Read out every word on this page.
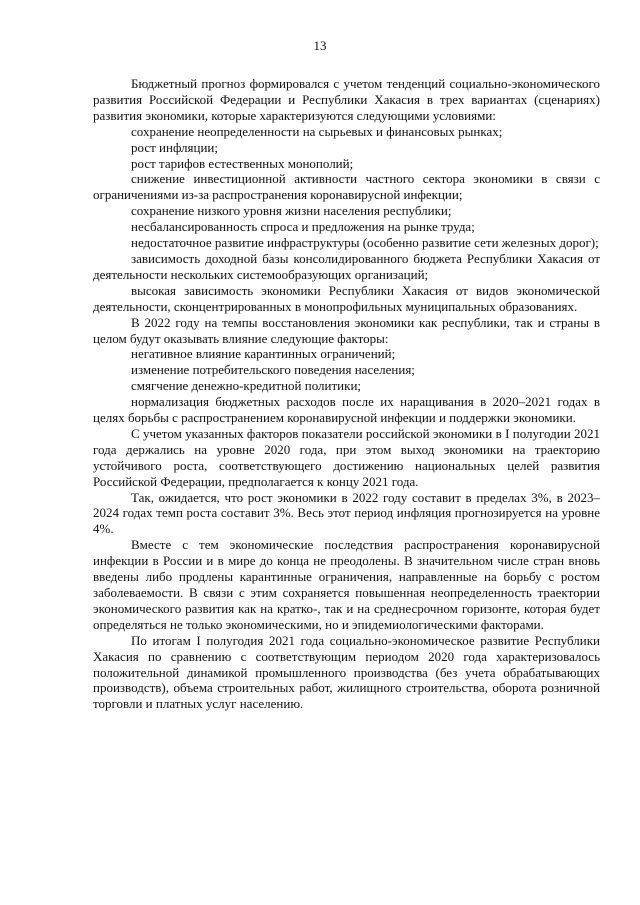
13

Бюджетный прогноз формировался с учетом тенденций социально-экономического развития Российской Федерации и Республики Хакасия в трех вариантах (сценариях) развития экономики, которые характеризуются следующими условиями:

сохранение неопределенности на сырьевых и финансовых рынках;

рост инфляции;

рост тарифов естественных монополий;

снижение инвестиционной активности частного сектора экономики в связи с ограничениями из-за распространения коронавирусной инфекции;

сохранение низкого уровня жизни населения республики;

несбалансированность спроса и предложения на рынке труда;

недостаточное развитие инфраструктуры (особенно развитие сети железных дорог);

зависимость доходной базы консолидированного бюджета Республики Хакасия от деятельности нескольких системообразующих организаций;

высокая зависимость экономики Республики Хакасия от видов экономической деятельности, сконцентрированных в монопрофильных муниципальных образованиях.

В 2022 году на темпы восстановления экономики как республики, так и страны в целом будут оказывать влияние следующие факторы:

негативное влияние карантинных ограничений;

изменение потребительского поведения населения;

смягчение денежно-кредитной политики;

нормализация бюджетных расходов после их наращивания в 2020–2021 годах в целях борьбы с распространением коронавирусной инфекции и поддержки экономики.

С учетом указанных факторов показатели российской экономики в I полугодии 2021 года держались на уровне 2020 года, при этом выход экономики на траекторию устойчивого роста, соответствующего достижению национальных целей развития Российской Федерации, предполагается к концу 2021 года.

Так, ожидается, что рост экономики в 2022 году составит в пределах 3%, в 2023–2024 годах темп роста составит 3%. Весь этот период инфляция прогнозируется на уровне 4%.

Вместе с тем экономические последствия распространения коронавирусной инфекции в России и в мире до конца не преодолены. В значительном числе стран вновь введены либо продлены карантинные ограничения, направленные на борьбу с ростом заболеваемости. В связи с этим сохраняется повышенная неопределенность траектории экономического развития как на кратко-, так и на среднесрочном горизонте, которая будет определяться не только экономическими, но и эпидемиологическими факторами.

По итогам I полугодия 2021 года социально-экономическое развитие Республики Хакасия по сравнению с соответствующим периодом 2020 года характеризовалось положительной динамикой промышленного производства (без учета обрабатывающих производств), объема строительных работ, жилищного строительства, оборота розничной торговли и платных услуг населению.
